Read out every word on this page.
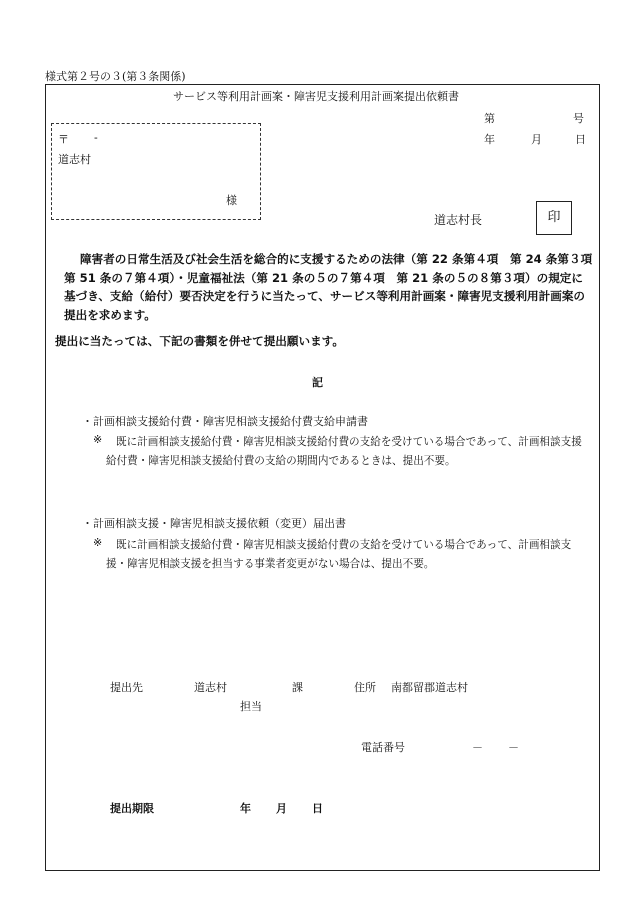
様式第２号の３(第３条関係)
サービス等利用計画案・障害児支援利用計画案提出依頼書
第	号
年	月	日
〒 -
道志村
様
道志村長	印
障害者の日常生活及び社会生活を総合的に支援するための法律（第 22 条第４項　第 24 条第３項　第 51 条の７第４項）・児童福祉法（第 21 条の５の７第４項　第 21 条の５の８第３項）の規定に基づき、支給（給付）要否決定を行うに当たって、サービス等利用計画案・障害児支援利用計画案の提出を求めます。
提出に当たっては、下記の書類を併せて提出願います。
記
・計画相談支援給付費・障害児相談支援給付費支給申請書
※	既に計画相談支援給付費・障害児相談支援給付費の支給を受けている場合であって、計画相談支援給付費・障害児相談支援給付費の支給の期間内であるときは、提出不要。
・計画相談支援・障害児相談支援依頼（変更）届出書
※	既に計画相談支援給付費・障害児相談支援給付費の支給を受けている場合であって、計画相談支援・障害児相談支援を担当する事業者変更がない場合は、提出不要。
提出先	道志村	課
担当
住所 南都留郡道志村
電話番号	－ －
提出期限	年 月 日
